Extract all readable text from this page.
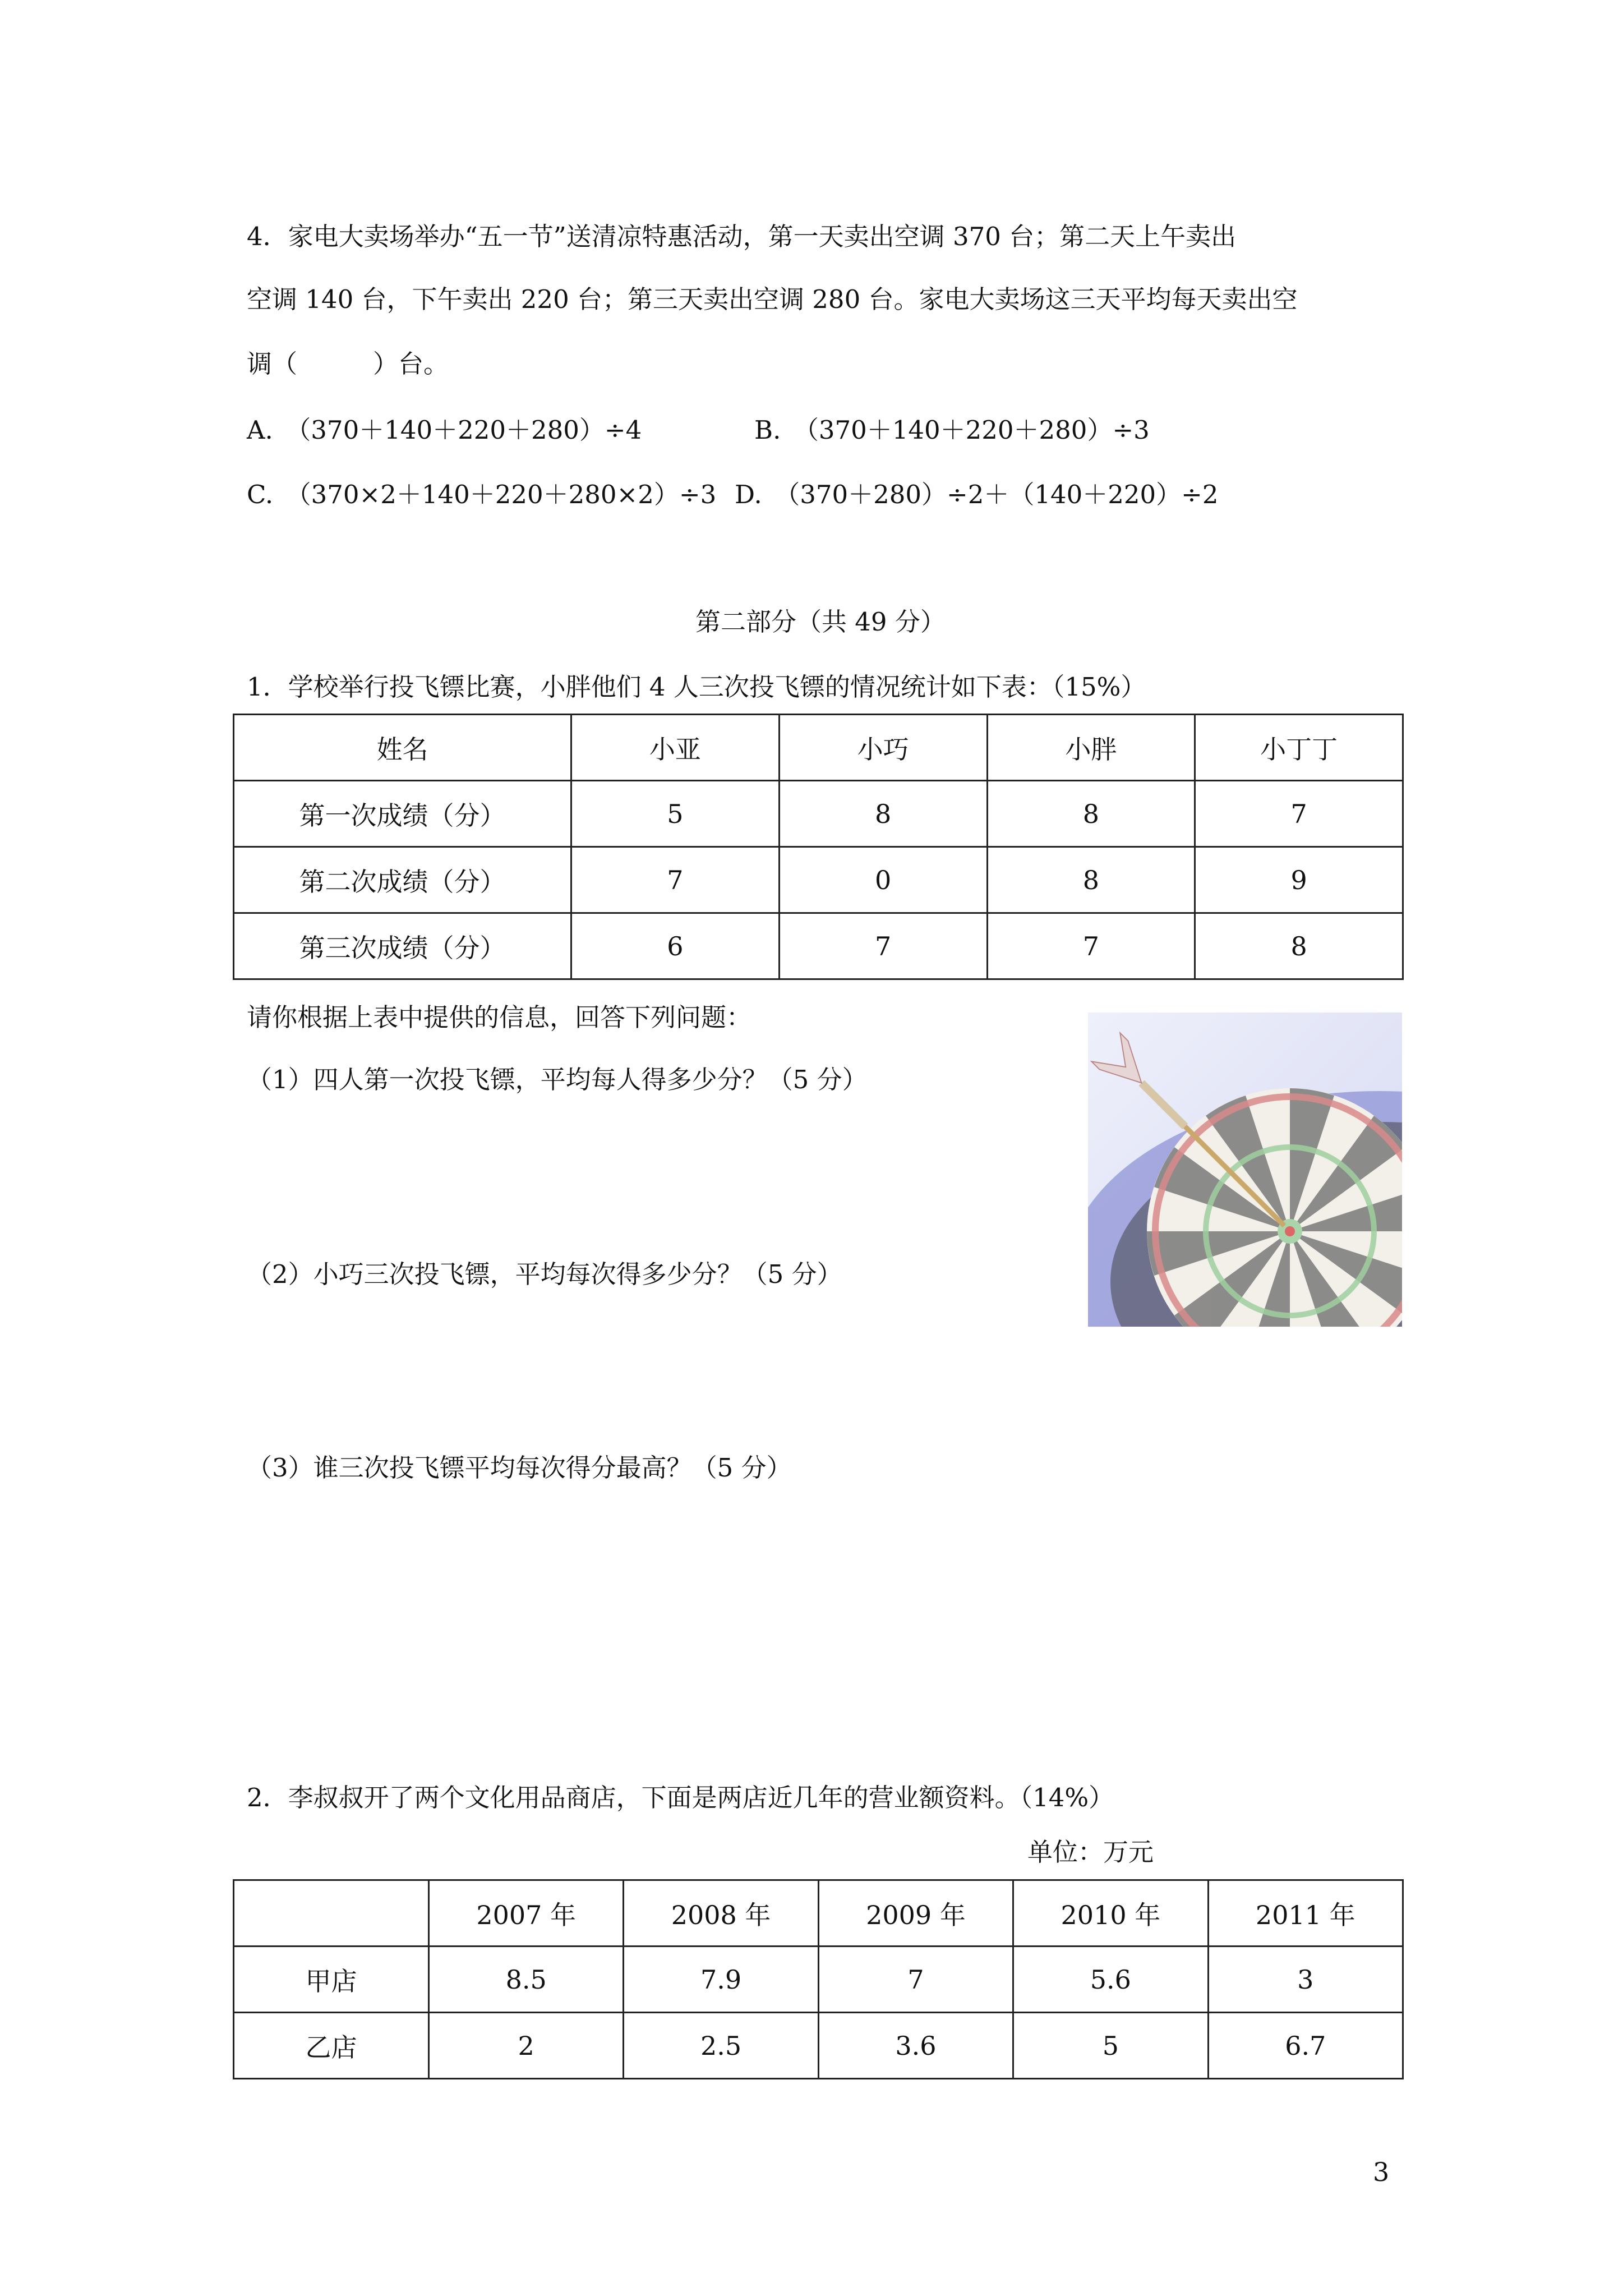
4．家电大卖场举办“五一节”送清凉特惠活动，第一天卖出空调 370 台；第二天上午卖出
空调 140 台，下午卖出 220 台；第三天卖出空调 280 台。家电大卖场这三天平均每天卖出空
调（　　　）台。
A.　（370＋140＋220＋280）÷4	B.　（370＋140＋220＋280）÷3
C.　（370×2＋140＋220＋280×2）÷3 D.　（370＋280）÷2＋（140＋220）÷2
第二部分（共 49 分）
1．学校举行投飞镖比赛，小胖他们 4 人三次投飞镖的情况统计如下表：（15%）
姓名	小亚	小巧	小胖	小丁丁
第一次成绩（分）	5	8	8	7
第二次成绩（分）	7	0	8	9
第三次成绩（分）	6	7	7	8
请你根据上表中提供的信息，回答下列问题：
（1）四人第一次投飞镖，平均每人得多少分？（5 分）
（2）小巧三次投飞镖，平均每次得多少分？（5 分）
（3）谁三次投飞镖平均每次得分最高？（5 分）
2．李叔叔开了两个文化用品商店，下面是两店近几年的营业额资料。（14%）
单位：万元
	2007 年	2008 年	2009 年	2010 年	2011 年
甲店	8.5	7.9	7	5.6	3
乙店	2	2.5	3.6	5	6.7
3
